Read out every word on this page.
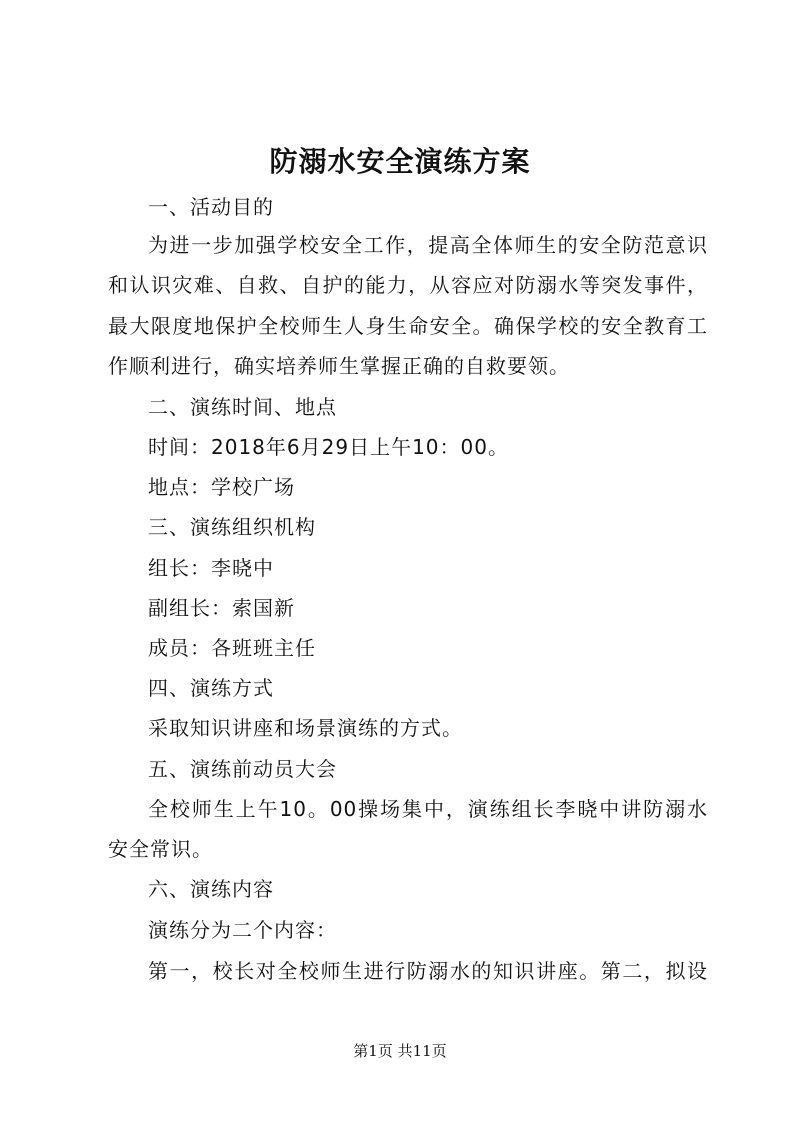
防溺水安全演练方案
一、活动目的
为进一步加强学校安全工作，提高全体师生的安全防范意识
和认识灾难、自救、自护的能力，从容应对防溺水等突发事件，
最大限度地保护全校师生人身生命安全。确保学校的安全教育工
作顺利进行，确实培养师生掌握正确的自救要领。
二、演练时间、地点
时间：2018年6月29日上午10：00。
地点：学校广场
三、演练组织机构
组长：李晓中
副组长：索国新
成员：各班班主任
四、演练方式
采取知识讲座和场景演练的方式。
五、演练前动员大会
全校师生上午10。00操场集中，演练组长李晓中讲防溺水
安全常识。
六、演练内容
演练分为二个内容：
第一，校长对全校师生进行防溺水的知识讲座。第二，拟设
第1页 共11页
